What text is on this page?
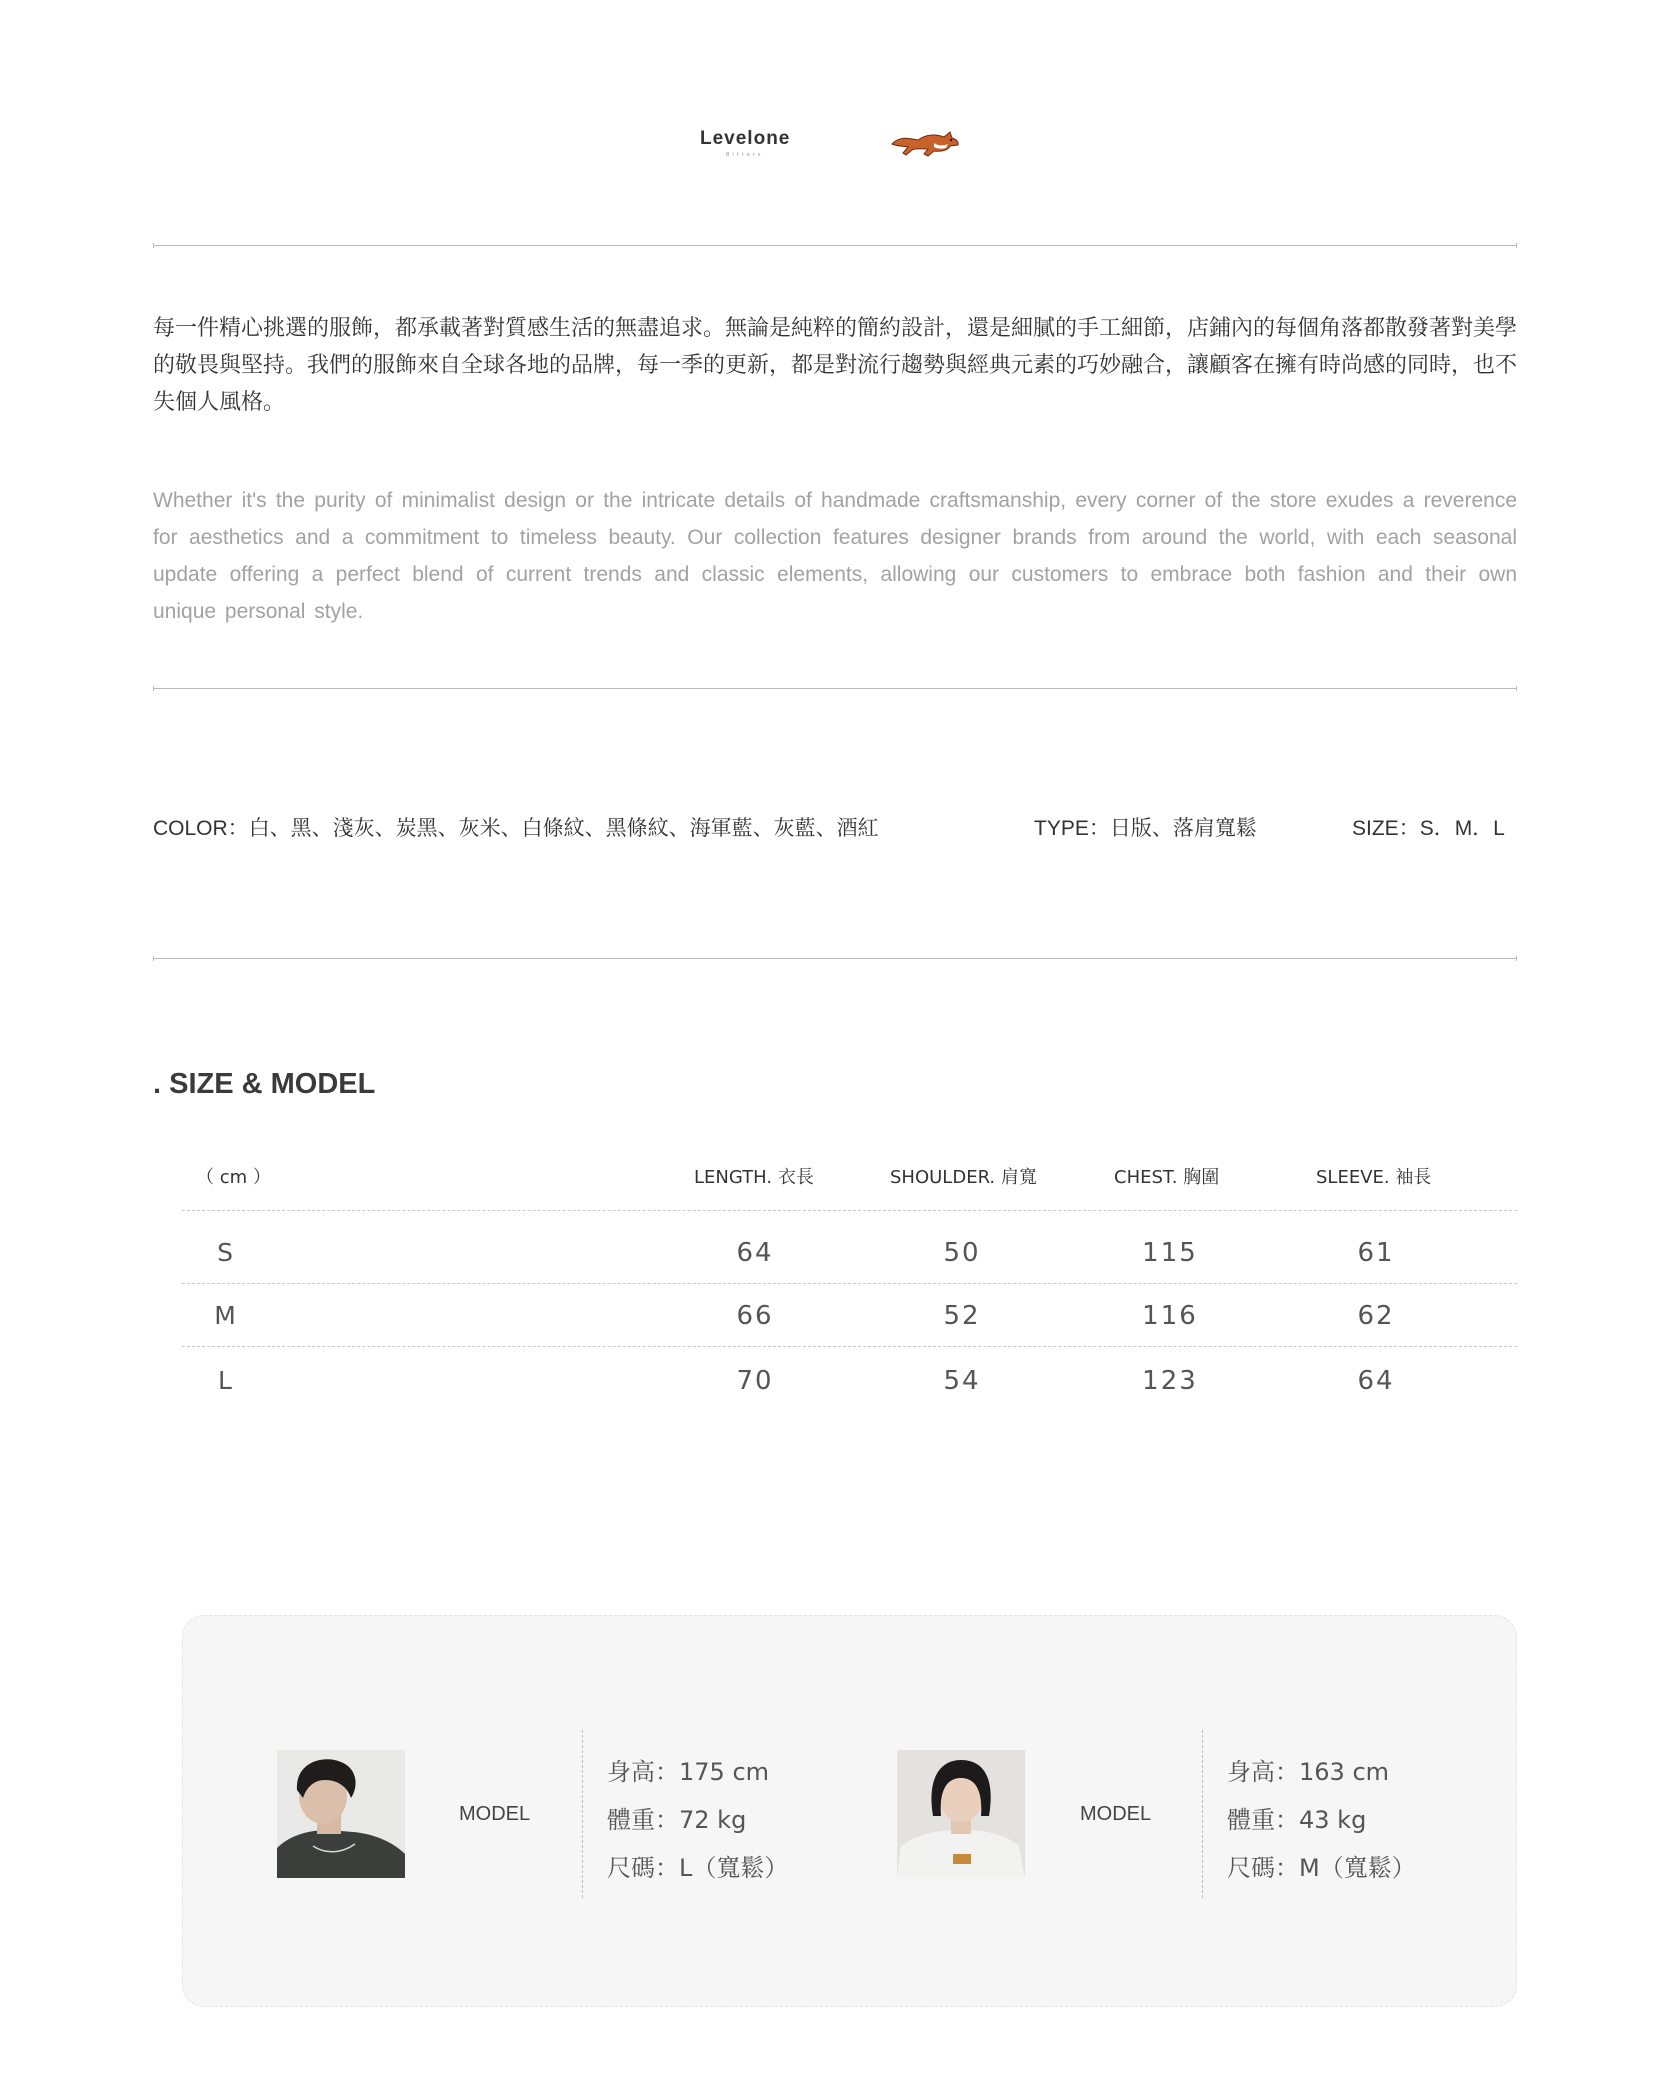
Levelone
Bitters

每一件精心挑選的服飾，都承載著對質感生活的無盡追求。無論是純粹的簡約設計，還是細膩的手工細節，店鋪內的每個角落都散發著對美學的敬畏與堅持。我們的服飾來自全球各地的品牌，每一季的更新，都是對流行趨勢與經典元素的巧妙融合，讓顧客在擁有時尚感的同時，也不失個人風格。

Whether it's the purity of minimalist design or the intricate details of handmade craftsmanship, every corner of the store exudes a reverence for aesthetics and a commitment to timeless beauty. Our collection features designer brands from around the world, with each seasonal update offering a perfect blend of current trends and classic elements, allowing our customers to embrace both fashion and their own unique personal style.

COLOR：白、黑、淺灰、炭黑、灰米、白條紋、黑條紋、海軍藍、灰藍、酒紅	TYPE：日版、落肩寬鬆	SIZE：S．M．L
. SIZE & MODEL
（ cm ）	LENGTH. 衣長	SHOULDER. 肩寬	CHEST. 胸圍	SLEEVE. 袖長
S	64	50	115	61
M	66	52	116	62
L	70	54	123	64
MODEL
身高：175 cm
體重：72 kg
尺碼：L（寬鬆）
MODEL
身高：163 cm
體重：43 kg
尺碼：M（寬鬆）
